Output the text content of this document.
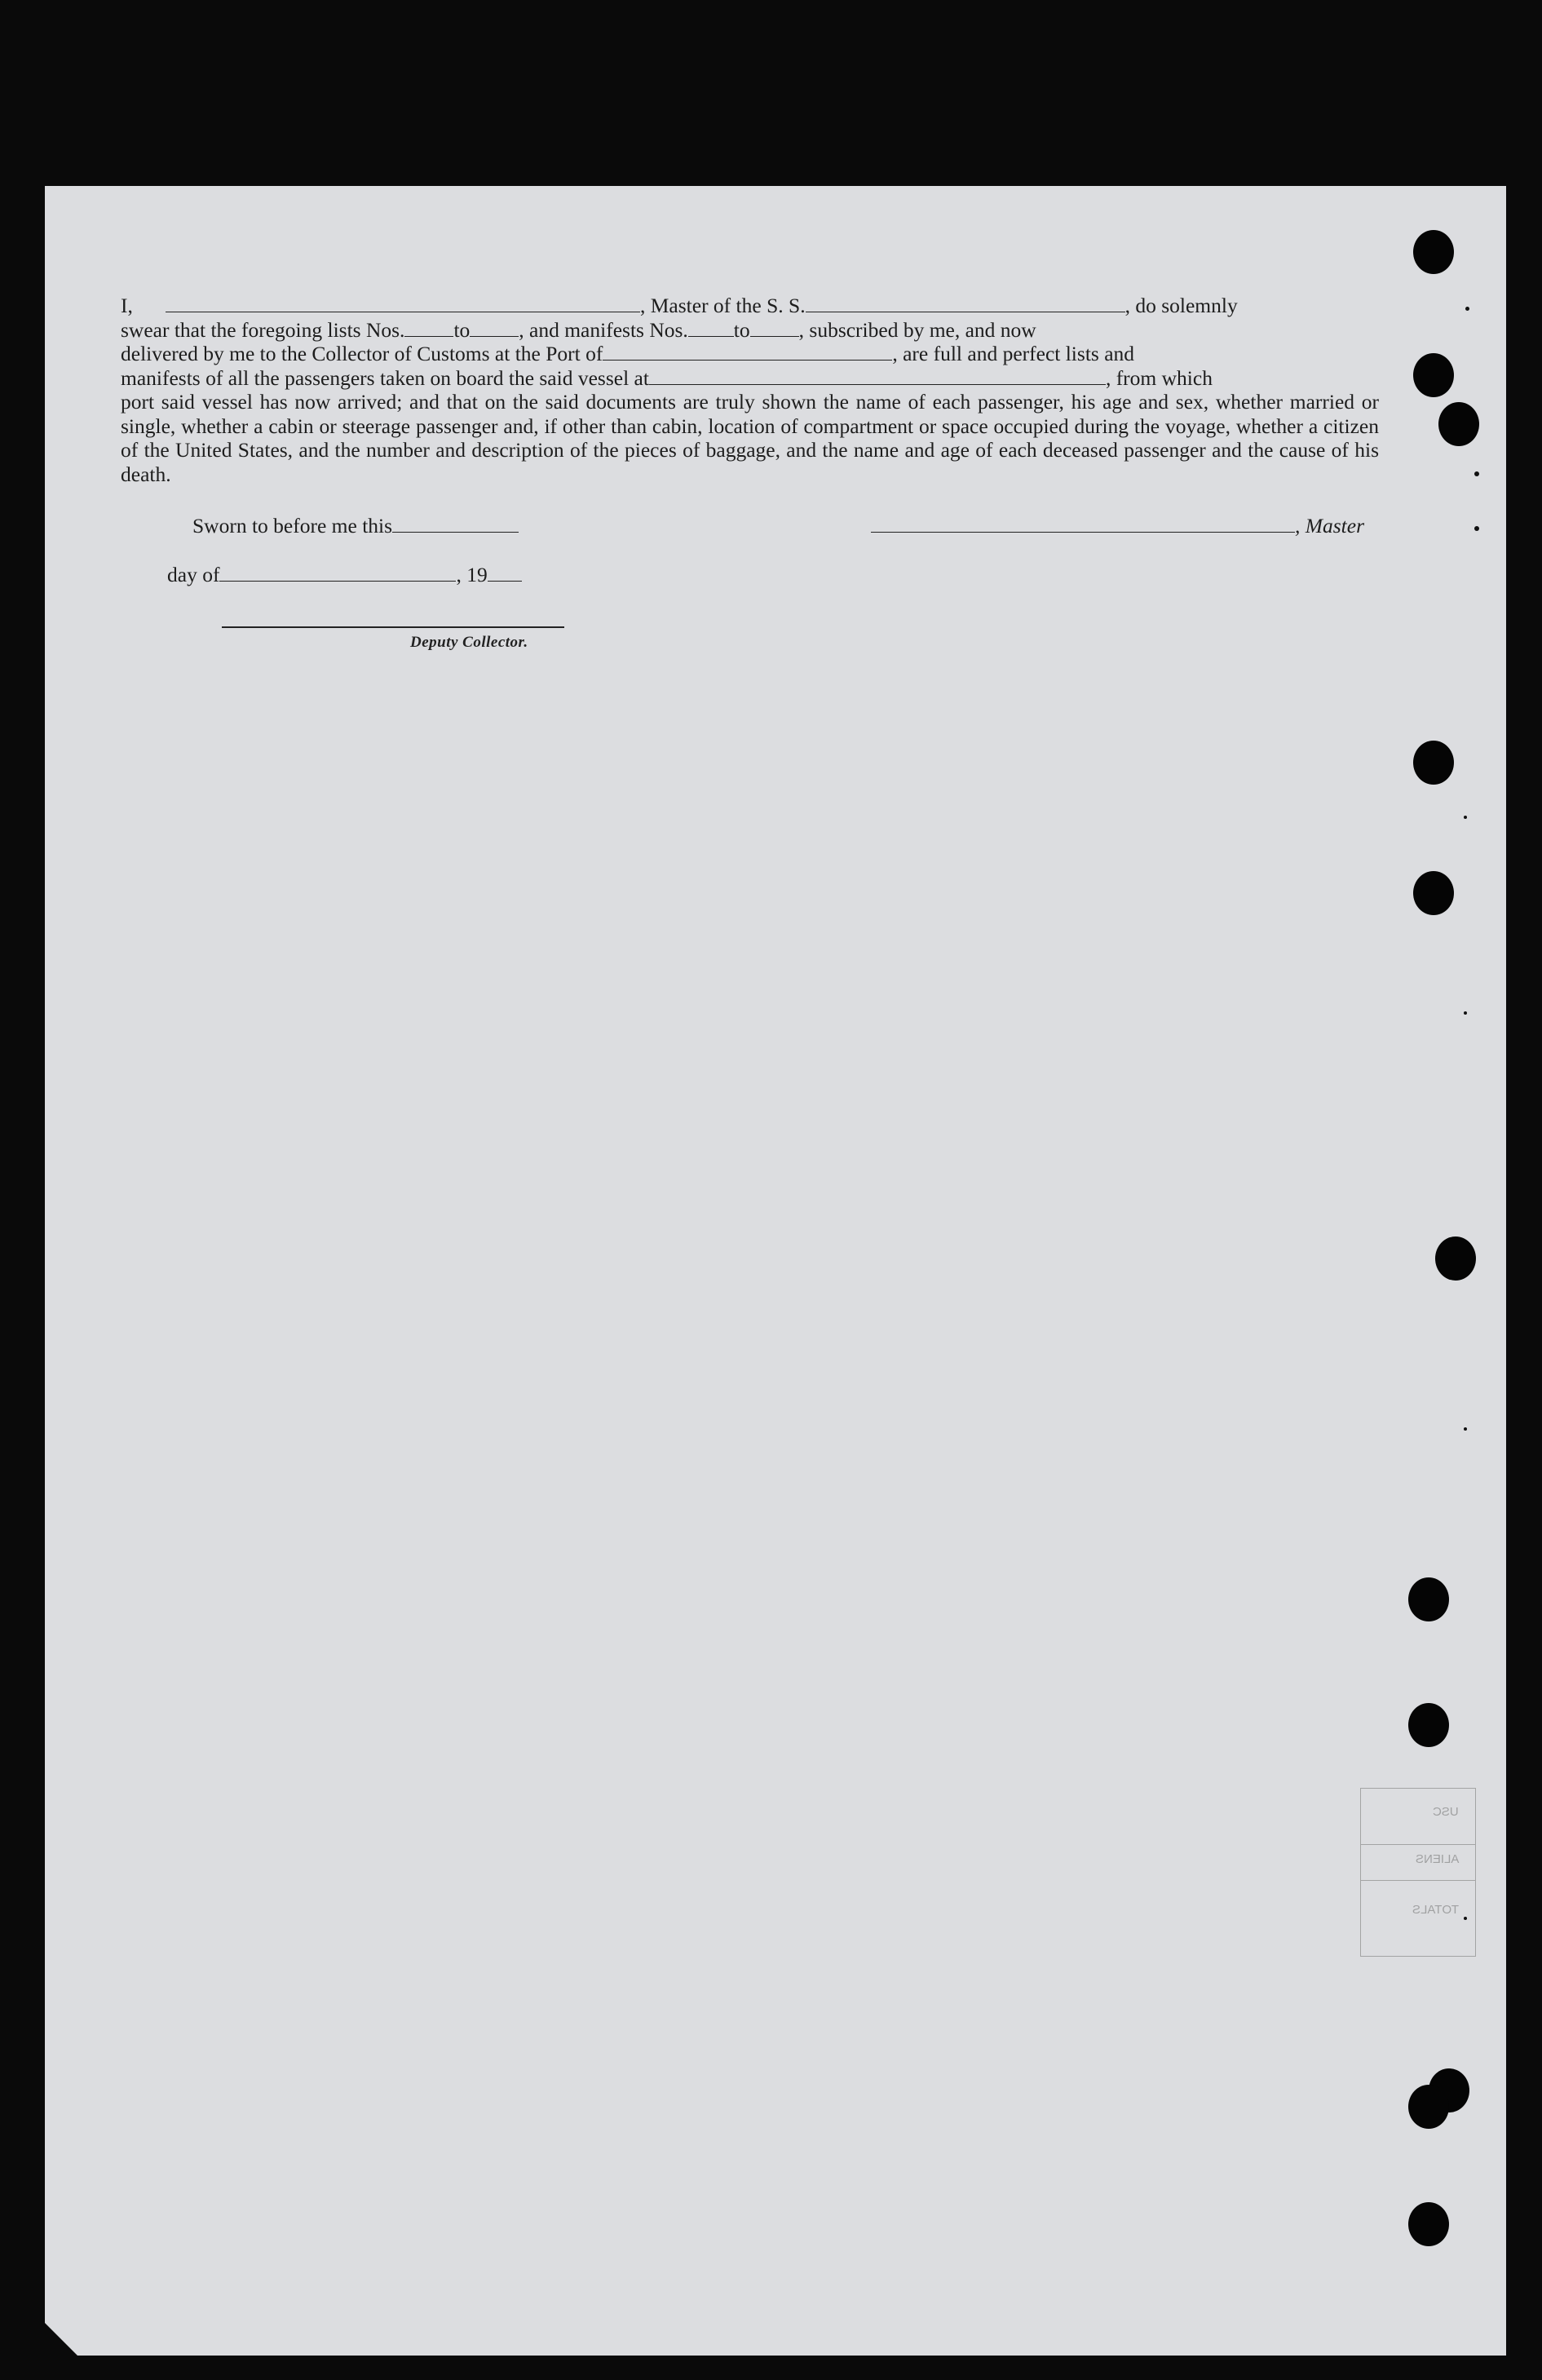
I,	, Master of the S. S.	, do solemnly

swear that the foregoing lists Nos. to , and manifests Nos. to , subscribed by me, and now

delivered by me to the Collector of Customs at the Port of	, are full and perfect lists and

manifests of all the passengers taken on board the said vessel at	, from which

port said vessel has now arrived; and that on the said documents are truly shown the name of each passenger, his age and sex, whether married or single, whether a cabin or steerage passenger and, if other than cabin, location of compartment or space occupied during the voyage, whether a citizen of the United States, and the number and description of the pieces of baggage, and the name and age of each deceased passenger and the cause of his death.

Sworn to before me this	, Master
day of	, 19
Deputy Collector.
USC
ALIENS
TOTALS
